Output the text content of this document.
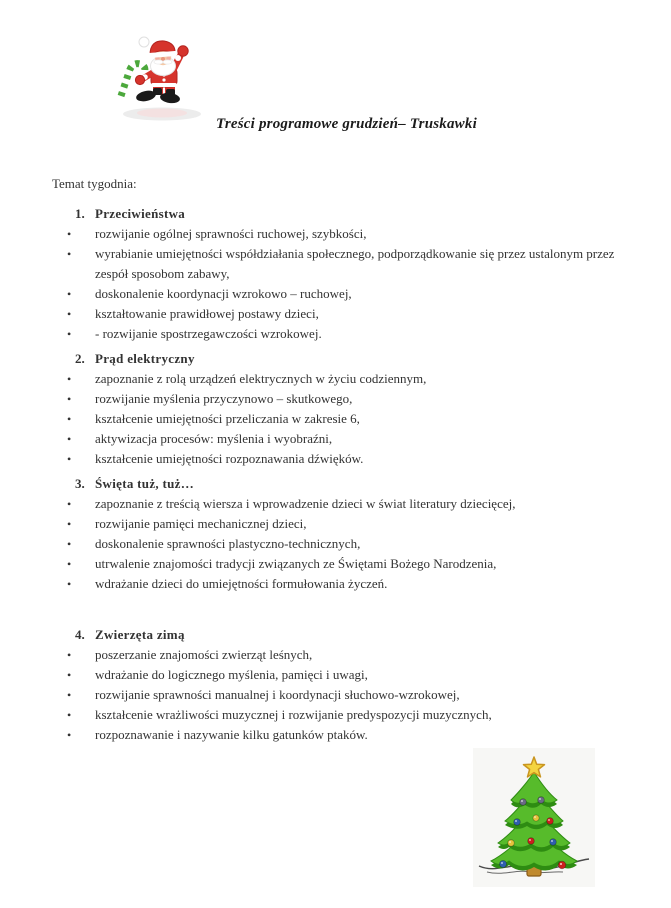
Treści programowe grudzień– Truskawki
Temat tygodnia:
1. Przeciwieństwa
•	rozwijanie ogólnej sprawności ruchowej, szybkości,
•	wyrabianie umiejętności współdziałania społecznego, podporządkowanie się przez ustalonym przez zespół sposobom zabawy,
•	doskonalenie koordynacji wzrokowo – ruchowej,
•	kształtowanie prawidłowej postawy dzieci,
•	- rozwijanie spostrzegawczości wzrokowej.
2. Prąd elektryczny
•	zapoznanie z rolą urządzeń elektrycznych w życiu codziennym,
•	rozwijanie myślenia przyczynowo – skutkowego,
•	kształcenie umiejętności przeliczania w zakresie 6,
•	aktywizacja procesów: myślenia i wyobraźni,
•	kształcenie umiejętności rozpoznawania dźwięków.
3. Święta tuż, tuż…
•	zapoznanie z treścią wiersza i wprowadzenie dzieci w świat literatury dziecięcej,
•	rozwijanie pamięci mechanicznej dzieci,
•	doskonalenie sprawności plastyczno-technicznych,
•	utrwalenie znajomości tradycji związanych ze Świętami Bożego Narodzenia,
•	wdrażanie dzieci do umiejętności formułowania życzeń.
4. Zwierzęta zimą
•	poszerzanie znajomości zwierząt leśnych,
•	wdrażanie do logicznego myślenia, pamięci i uwagi,
•	rozwijanie sprawności manualnej i koordynacji słuchowo-wzrokowej,
•	kształcenie wrażliwości muzycznej i rozwijanie predyspozycji muzycznych,
•	rozpoznawanie i nazywanie kilku gatunków ptaków.
